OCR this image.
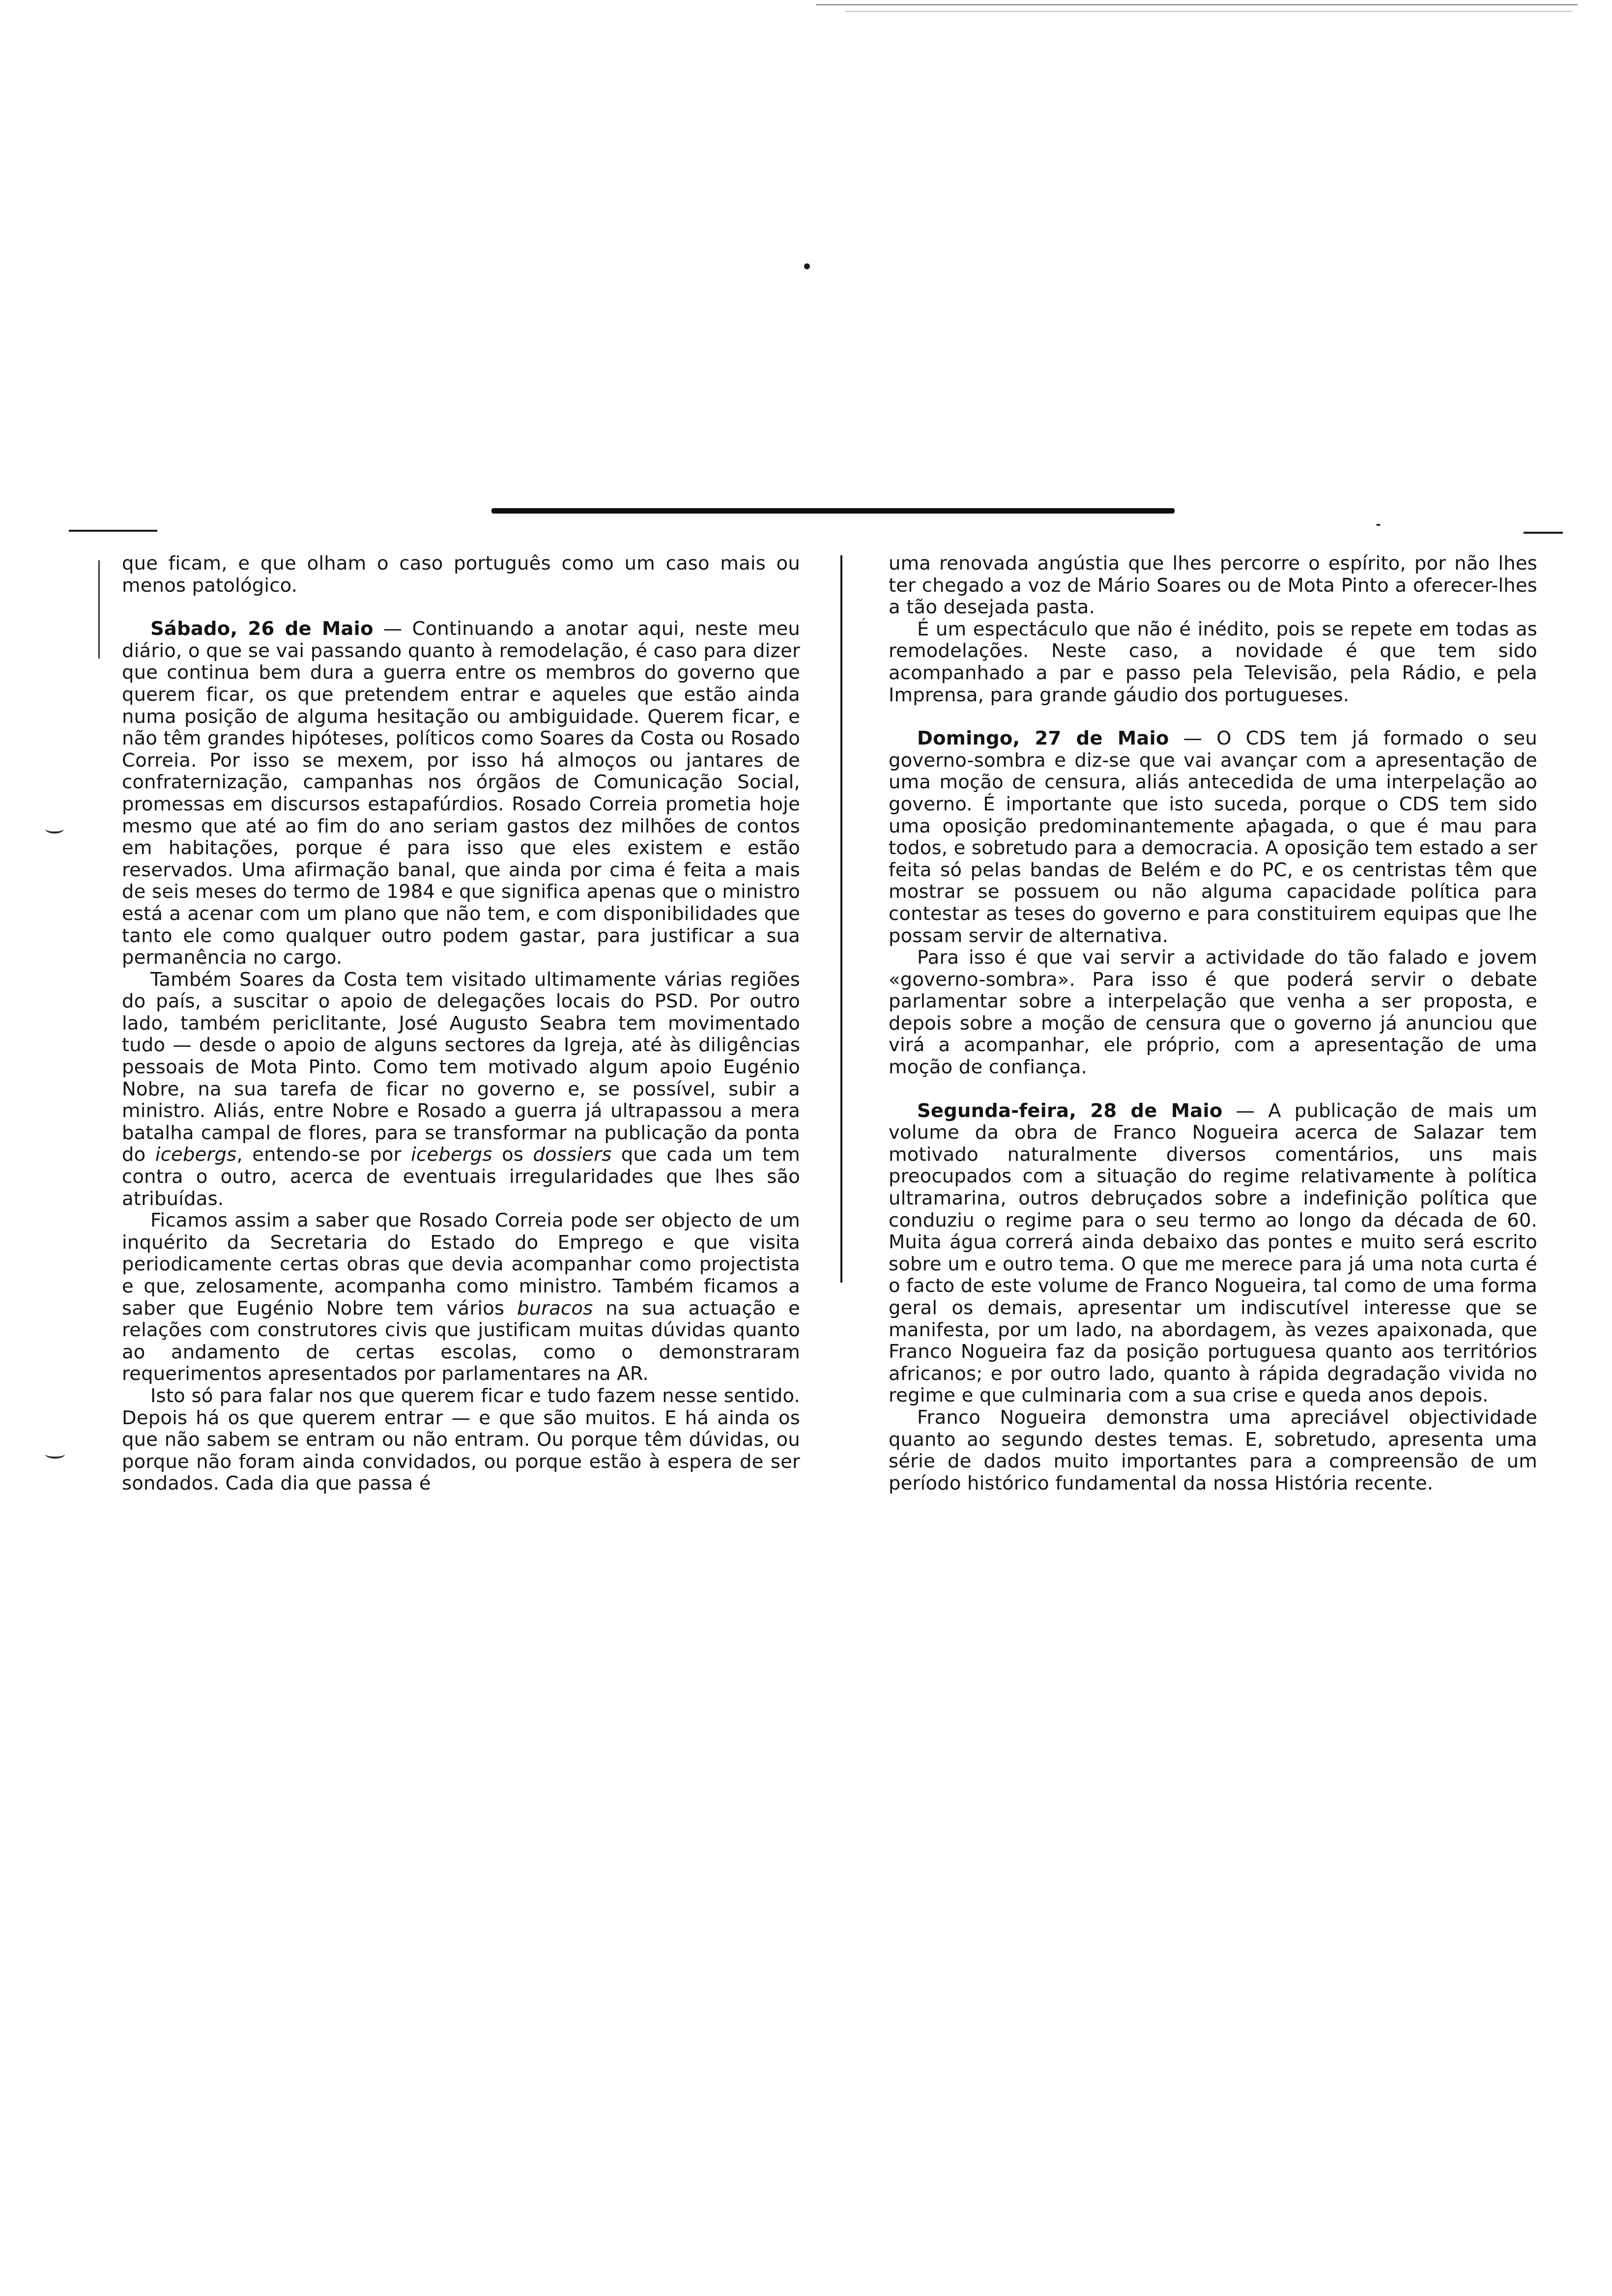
que ficam, e que olham o caso português como um caso mais ou menos patológico.

Sábado, 26 de Maio — Continuando a anotar aqui, neste meu diário, o que se vai passando quanto à remodelação, é caso para dizer que continua bem dura a guerra entre os membros do governo que querem ficar, os que pretendem entrar e aqueles que estão ainda numa posição de alguma hesitação ou ambiguidade. Querem ficar, e não têm grandes hipóteses, políticos como Soares da Costa ou Rosado Correia. Por isso se mexem, por isso há almoços ou jantares de confraternização, campanhas nos órgãos de Comunicação Social, promessas em discursos estapafúrdios. Rosado Correia prometia hoje mesmo que até ao fim do ano seriam gastos dez milhões de contos em habitações, porque é para isso que eles existem e estão reservados. Uma afirmação banal, que ainda por cima é feita a mais de seis meses do termo de 1984 e que significa apenas que o ministro está a acenar com um plano que não tem, e com disponibilidades que tanto ele como qualquer outro podem gastar, para justificar a sua permanência no cargo.

Também Soares da Costa tem visitado ultimamente várias regiões do país, a suscitar o apoio de delegações locais do PSD. Por outro lado, também periclitante, José Augusto Seabra tem movimentado tudo — desde o apoio de alguns sectores da Igreja, até às diligências pessoais de Mota Pinto. Como tem motivado algum apoio Eugénio Nobre, na sua tarefa de ficar no governo e, se possível, subir a ministro. Aliás, entre Nobre e Rosado a guerra já ultrapassou a mera batalha campal de flores, para se transformar na publicação da ponta do icebergs, entendo-se por icebergs os dossiers que cada um tem contra o outro, acerca de eventuais irregularidades que lhes são atribuídas.

Ficamos assim a saber que Rosado Correia pode ser objecto de um inquérito da Secretaria do Estado do Emprego e que visita periodicamente certas obras que devia acompanhar como projectista e que, zelosamente, acompanha como ministro. Também ficamos a saber que Eugénio Nobre tem vários buracos na sua actuação e relações com construtores civis que justificam muitas dúvidas quanto ao andamento de certas escolas, como o demonstraram requerimentos apresentados por parlamentares na AR.

Isto só para falar nos que querem ficar e tudo fazem nesse sentido. Depois há os que querem entrar — e que são muitos. E há ainda os que não sabem se entram ou não entram. Ou porque têm dúvidas, ou porque não foram ainda convidados, ou porque estão à espera de ser sondados. Cada dia que passa é

uma renovada angústia que lhes percorre o espírito, por não lhes ter chegado a voz de Mário Soares ou de Mota Pinto a oferecer-lhes a tão desejada pasta.

É um espectáculo que não é inédito, pois se repete em todas as remodelações. Neste caso, a novidade é que tem sido acompanhado a par e passo pela Televisão, pela Rádio, e pela Imprensa, para grande gáudio dos portugueses.

Domingo, 27 de Maio — O CDS tem já formado o seu governo-sombra e diz-se que vai avançar com a apresentação de uma moção de censura, aliás antecedida de uma interpelação ao governo. É importante que isto suceda, porque o CDS tem sido uma oposição predominantemente apagada, o que é mau para todos, e sobretudo para a democracia. A oposição tem estado a ser feita só pelas bandas de Belém e do PC, e os centristas têm que mostrar se possuem ou não alguma capacidade política para contestar as teses do governo e para constituirem equipas que lhe possam servir de alternativa.

Para isso é que vai servir a actividade do tão falado e jovem «governo-sombra». Para isso é que poderá servir o debate parlamentar sobre a interpelação que venha a ser proposta, e depois sobre a moção de censura que o governo já anunciou que virá a acompanhar, ele próprio, com a apresentação de uma moção de confiança.

Segunda-feira, 28 de Maio — A publicação de mais um volume da obra de Franco Nogueira acerca de Salazar tem motivado naturalmente diversos comentários, uns mais preocupados com a situação do regime relativamente à política ultramarina, outros debruçados sobre a indefinição política que conduziu o regime para o seu termo ao longo da década de 60. Muita água correrá ainda debaixo das pontes e muito será escrito sobre um e outro tema. O que me merece para já uma nota curta é o facto de este volume de Franco Nogueira, tal como de uma forma geral os demais, apresentar um indiscutível interesse que se manifesta, por um lado, na abordagem, às vezes apaixonada, que Franco Nogueira faz da posição portuguesa quanto aos territórios africanos; e por outro lado, quanto à rápida degradação vivida no regime e que culminaria com a sua crise e queda anos depois.

Franco Nogueira demonstra uma apreciável objectividade quanto ao segundo destes temas. E, sobretudo, apresenta uma série de dados muito importantes para a compreensão de um período histórico fundamental da nossa História recente.
